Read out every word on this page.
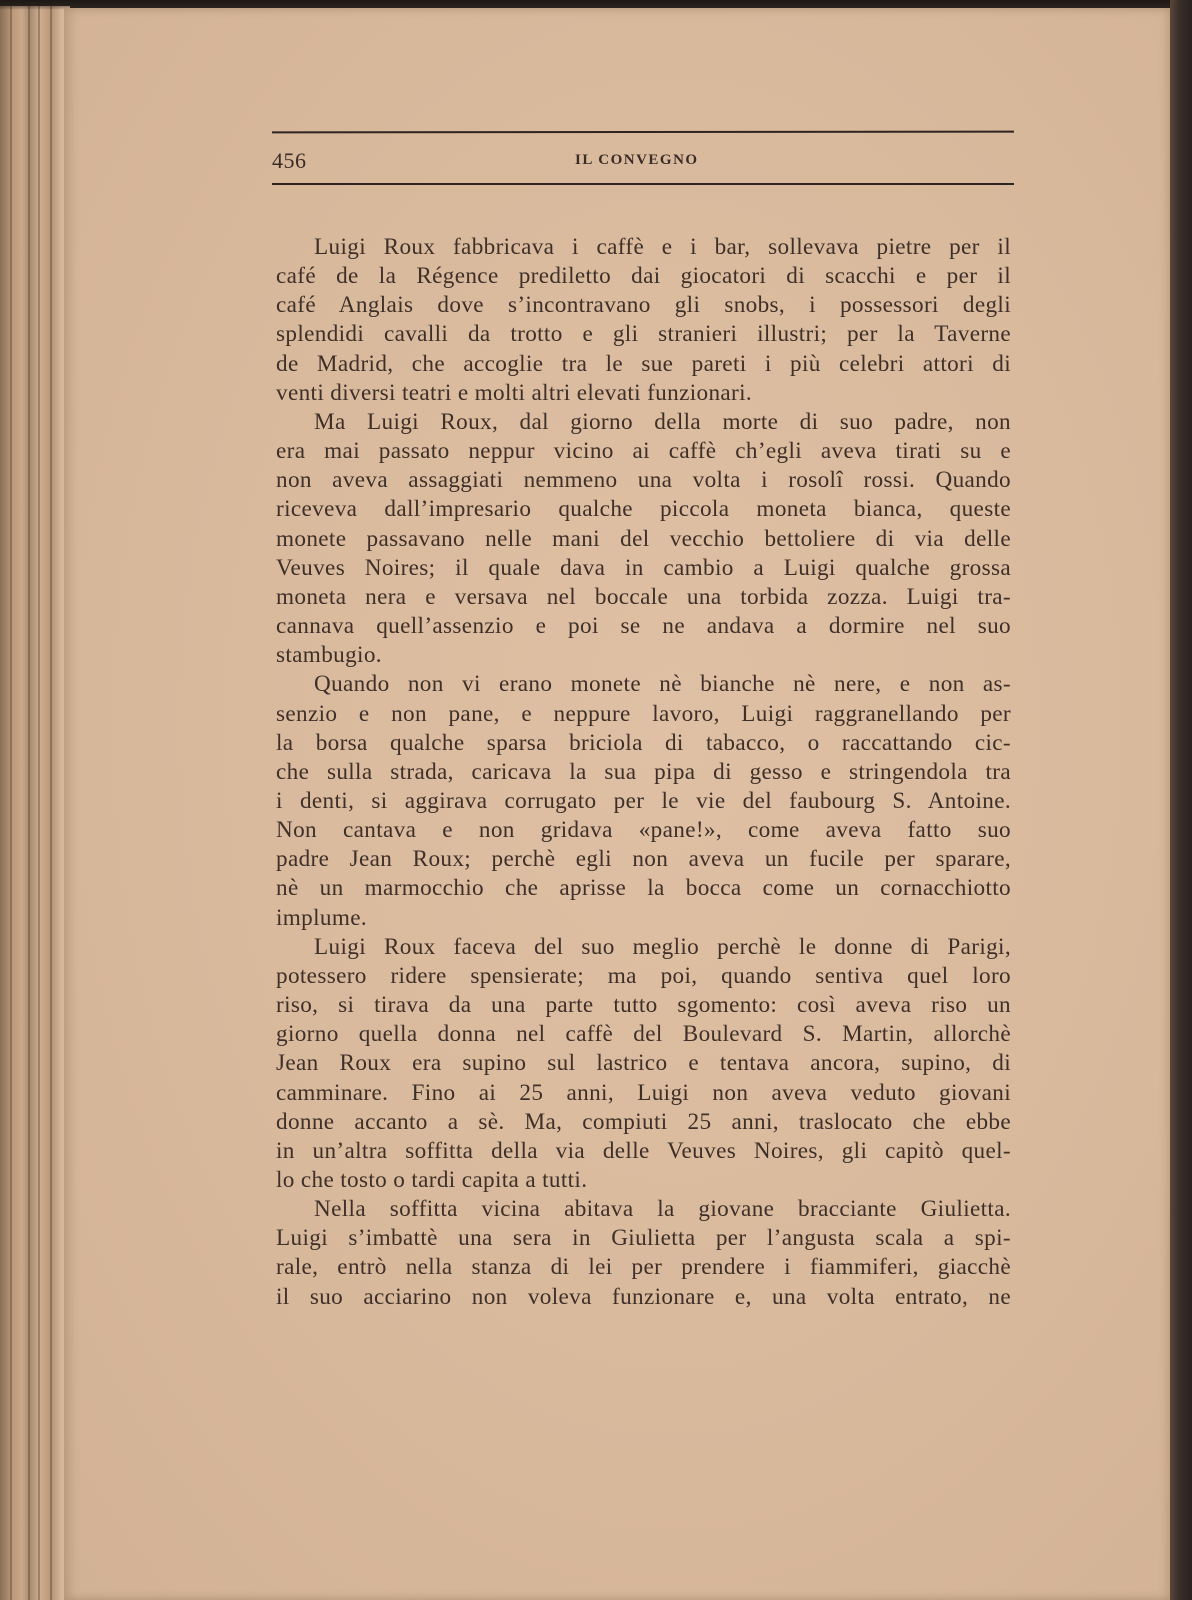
456	IL CONVEGNO

Luigi Roux fabbricava i caffè e i bar, sollevava pietre per il
café de la Régence prediletto dai giocatori di scacchi e per il
café Anglais dove s’incontravano gli snobs, i possessori degli
splendidi cavalli da trotto e gli stranieri illustri; per la Taverne
de Madrid, che accoglie tra le sue pareti i più celebri attori di
venti diversi teatri e molti altri elevati funzionari.

Ma Luigi Roux, dal giorno della morte di suo padre, non
era mai passato neppur vicino ai caffè ch’egli aveva tirati su e
non aveva assaggiati nemmeno una volta i rosolî rossi. Quando
riceveva dall’impresario qualche piccola moneta bianca, queste
monete passavano nelle mani del vecchio bettoliere di via delle
Veuves Noires; il quale dava in cambio a Luigi qualche grossa
moneta nera e versava nel boccale una torbida zozza. Luigi tra-
cannava quell’assenzio e poi se ne andava a dormire nel suo
stambugio.

Quando non vi erano monete nè bianche nè nere, e non as-
senzio e non pane, e neppure lavoro, Luigi raggranellando per
la borsa qualche sparsa briciola di tabacco, o raccattando cic-
che sulla strada, caricava la sua pipa di gesso e stringendola tra
i denti, si aggirava corrugato per le vie del faubourg S. Antoine.
Non cantava e non gridava «pane!», come aveva fatto suo
padre Jean Roux; perchè egli non aveva un fucile per sparare,
nè un marmocchio che aprisse la bocca come un cornacchiotto
implume.

Luigi Roux faceva del suo meglio perchè le donne di Parigi,
potessero ridere spensierate; ma poi, quando sentiva quel loro
riso, si tirava da una parte tutto sgomento: così aveva riso un
giorno quella donna nel caffè del Boulevard S. Martin, allorchè
Jean Roux era supino sul lastrico e tentava ancora, supino, di
camminare. Fino ai 25 anni, Luigi non aveva veduto giovani
donne accanto a sè. Ma, compiuti 25 anni, traslocato che ebbe
in un’altra soffitta della via delle Veuves Noires, gli capitò quel-
lo che tosto o tardi capita a tutti.

Nella soffitta vicina abitava la giovane bracciante Giulietta.
Luigi s’imbattè una sera in Giulietta per l’angusta scala a spi-
rale, entrò nella stanza di lei per prendere i fiammiferi, giacchè
il suo acciarino non voleva funzionare e, una volta entrato, ne
